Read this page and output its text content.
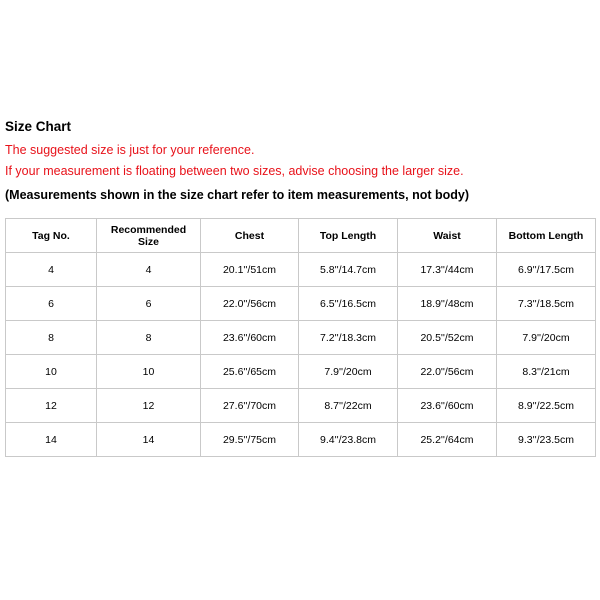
Size Chart
The suggested size is just for your reference.
If your measurement is floating between two sizes, advise choosing the larger size.
(Measurements shown in the size chart refer to item measurements, not body)
Tag No.	Recommended Size	Chest	Top Length	Waist	Bottom Length
4	4	20.1''/51cm	5.8''/14.7cm	17.3''/44cm	6.9''/17.5cm
6	6	22.0''/56cm	6.5''/16.5cm	18.9''/48cm	7.3''/18.5cm
8	8	23.6''/60cm	7.2''/18.3cm	20.5''/52cm	7.9''/20cm
10	10	25.6''/65cm	7.9''/20cm	22.0''/56cm	8.3''/21cm
12	12	27.6''/70cm	8.7''/22cm	23.6''/60cm	8.9''/22.5cm
14	14	29.5''/75cm	9.4''/23.8cm	25.2''/64cm	9.3''/23.5cm
